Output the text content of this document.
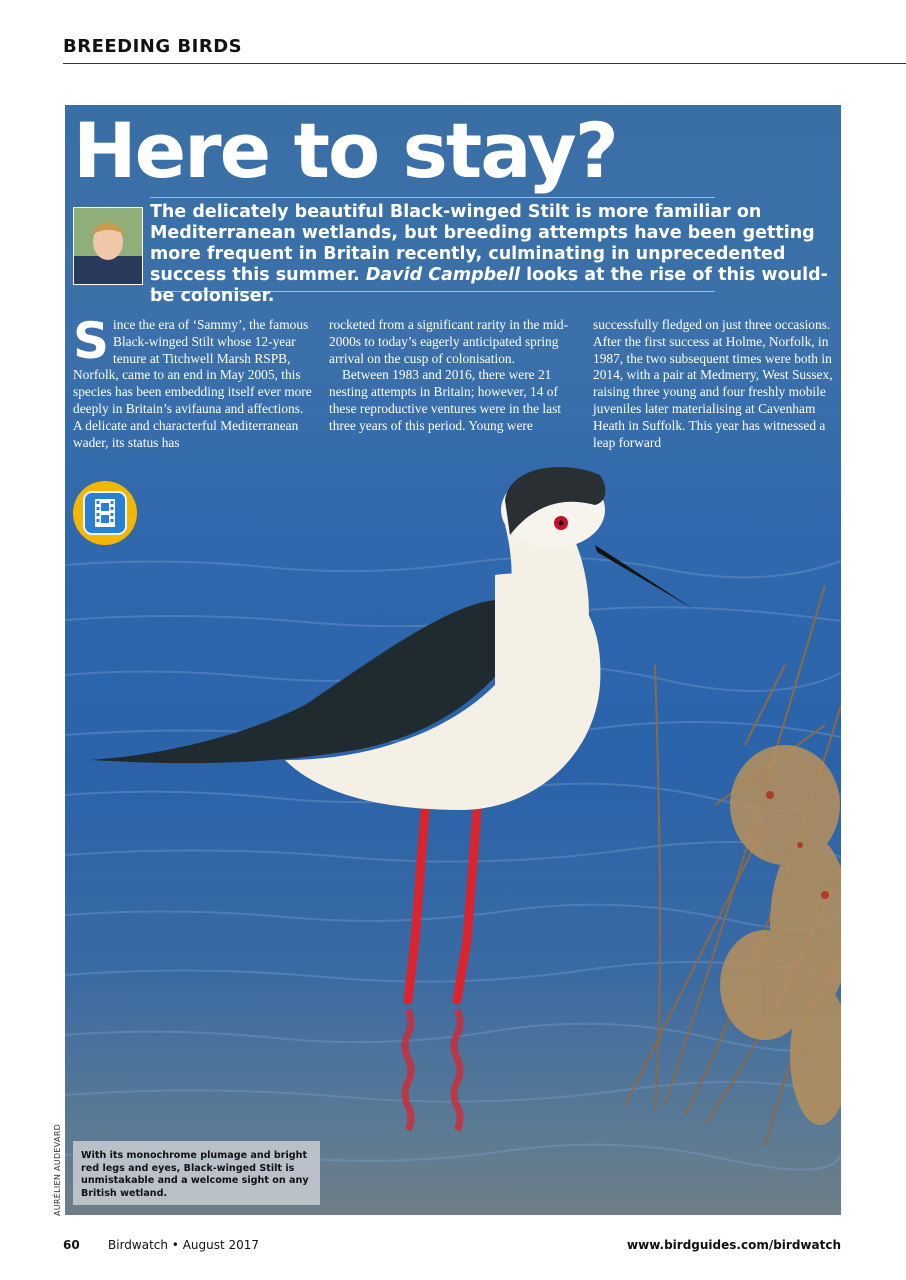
BREEDING BIRDS
Here to stay?
The delicately beautiful Black-winged Stilt is more familiar on Mediterranean wetlands, but breeding attempts have been getting more frequent in Britain recently, culminating in unprecedented success this summer. David Campbell looks at the rise of this would-be coloniser.

Since the era of ‘Sammy’, the famous Black-winged Stilt whose 12-year tenure at Titchwell Marsh RSPB, Norfolk, came to an end in May 2005, this species has been embedding itself ever more deeply in Britain’s avifauna and affections. A delicate and characterful Mediterranean wader, its status has

rocketed from a significant rarity in the mid-2000s to today’s eagerly anticipated spring arrival on the cusp of colonisation.

Between 1983 and 2016, there were 21 nesting attempts in Britain; however, 14 of these reproductive ventures were in the last three years of this period. Young were

successfully fledged on just three occasions. After the first success at Holme, Norfolk, in 1987, the two subsequent times were both in 2014, with a pair at Medmerry, West Sussex, raising three young and four freshly mobile juveniles later materialising at Cavenham Heath in Suffolk. This year has witnessed a leap forward

With its monochrome plumage and bright red legs and eyes, Black-winged Stilt is unmistakable and a welcome sight on any British wetland.
AURÉLIEN AUDEVARD
60 Birdwatch • August 2017	www.birdguides.com/birdwatch
